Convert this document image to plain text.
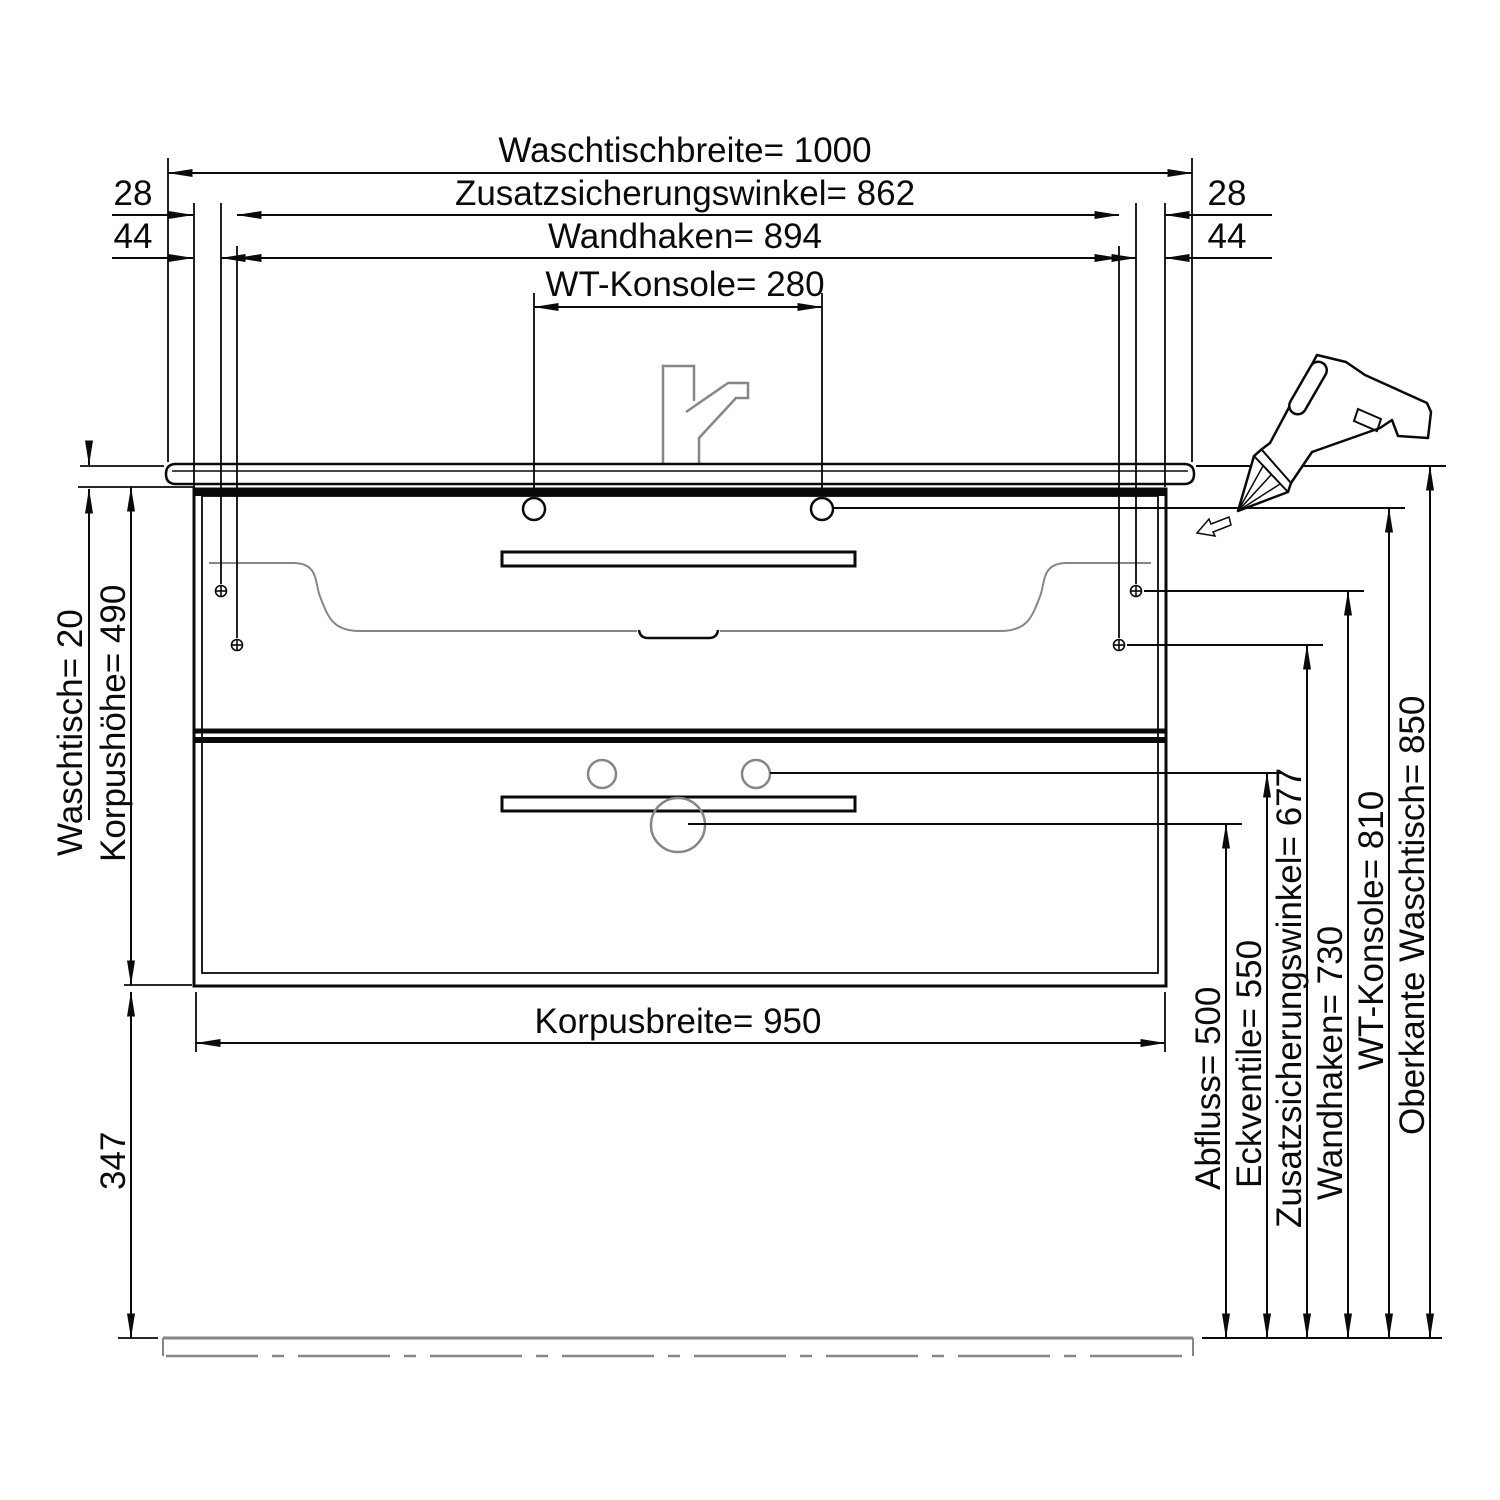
Waschtischbreite= 1000
Zusatzsicherungswinkel= 862
Wandhaken= 894
WT-Konsole= 280
28	28
44	44
Korpusbreite= 950
Waschtisch= 20 Korpushöhe= 490
347	Abfluss= 500 Eckventile= 550 Zusatzsicherungswinkel= 677 Wandhaken= 730 WT-Konsole= 810 Oberkante Waschtisch= 850
